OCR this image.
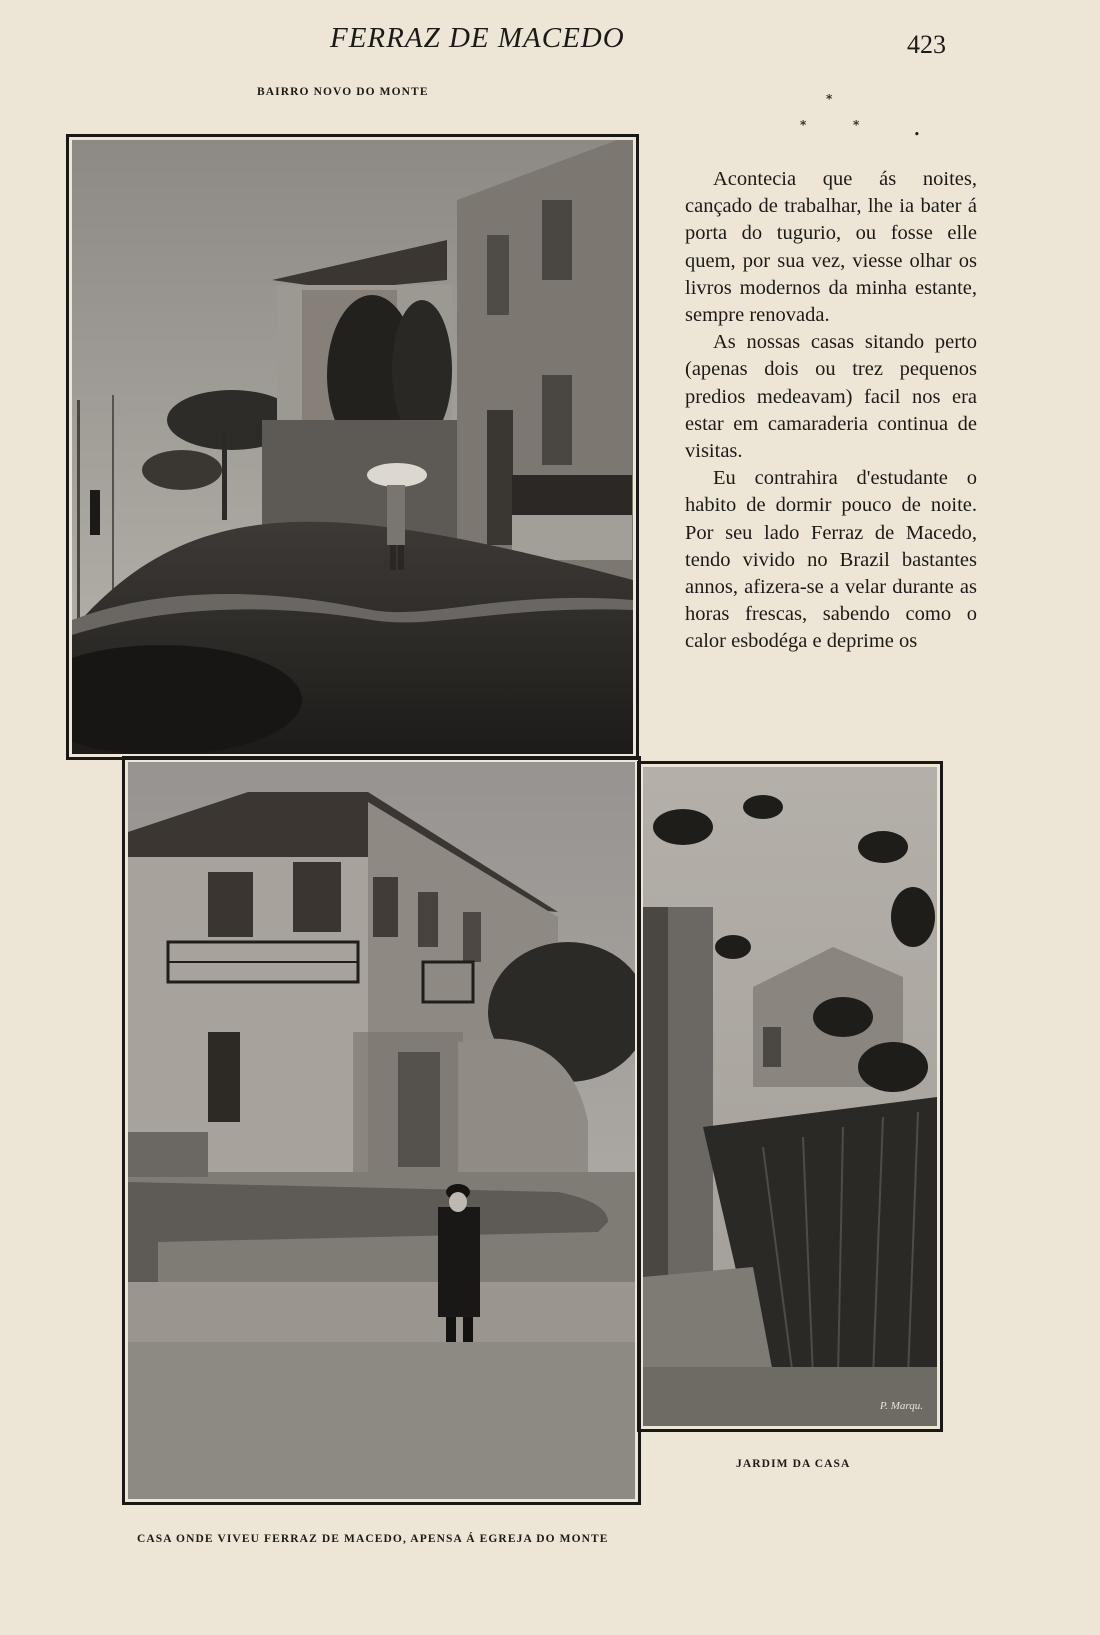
FERRAZ DE MACEDO	423
BAIRRO NOVO DO MONTE	*
*	*
•

Acontecia que ás noites, cançado de trabalhar, lhe ia bater á porta do tugurio, ou fosse elle quem, por sua vez, viesse olhar os livros modernos da minha estante, sempre renovada.

As nossas casas sitando perto (apenas dois ou trez pequenos predios medeavam) facil nos era estar em camaraderia continua de visitas.

Eu contrahira d'estudante o habito de dormir pouco de noite. Por seu lado Ferraz de Macedo, tendo vivido no Brazil bastantes annos, afizera-se a velar durante as horas frescas, sabendo como o calor esbodéga e deprime os

P. Marqu.
JARDIM DA CASA
CASA ONDE VIVEU FERRAZ DE MACEDO, APENSA Á EGREJA DO MONTE
